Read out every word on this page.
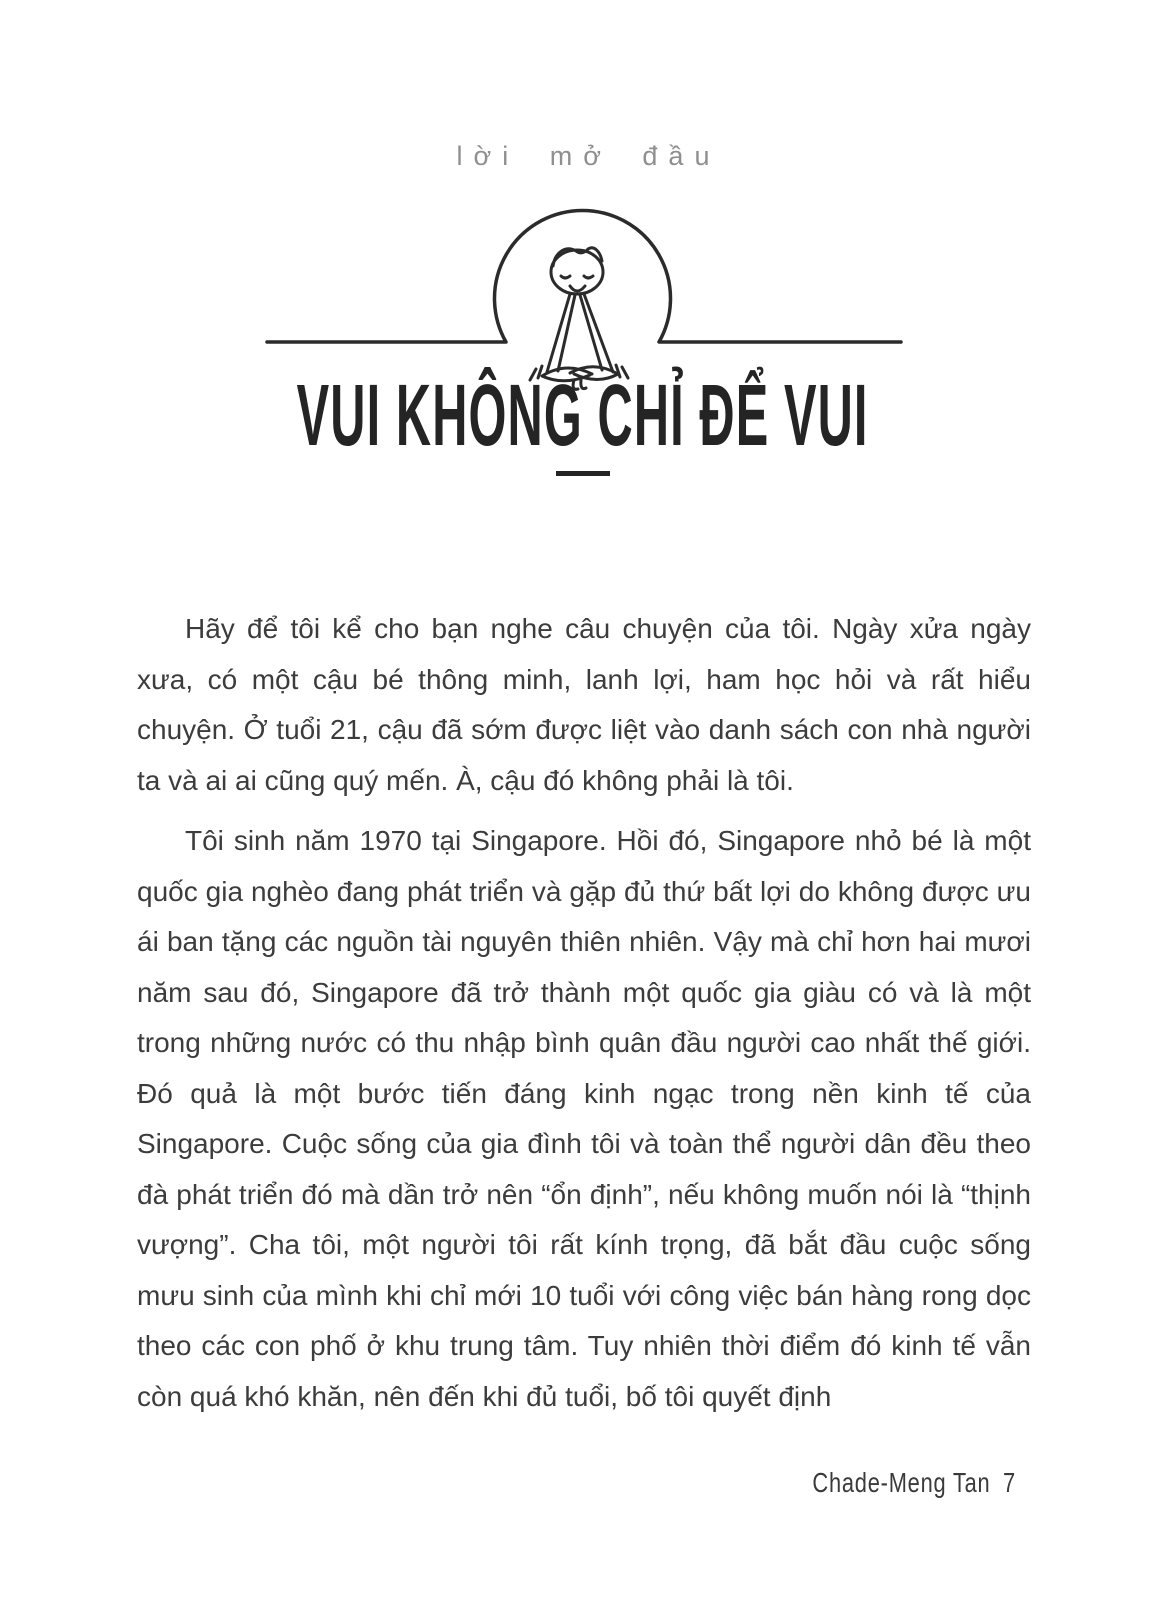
lời mở đầu
VUI KHÔNG CHỈ ĐỂ VUI

Hãy để tôi kể cho bạn nghe câu chuyện của tôi. Ngày xửa ngày xưa, có một cậu bé thông minh, lanh lợi, ham học hỏi và rất hiểu chuyện. Ở tuổi 21, cậu đã sớm được liệt vào danh sách con nhà người ta và ai ai cũng quý mến. À, cậu đó không phải là tôi.

Tôi sinh năm 1970 tại Singapore. Hồi đó, Singapore nhỏ bé là một quốc gia nghèo đang phát triển và gặp đủ thứ bất lợi do không được ưu ái ban tặng các nguồn tài nguyên thiên nhiên. Vậy mà chỉ hơn hai mươi năm sau đó, Singapore đã trở thành một quốc gia giàu có và là một trong những nước có thu nhập bình quân đầu người cao nhất thế giới. Đó quả là một bước tiến đáng kinh ngạc trong nền kinh tế của Singapore. Cuộc sống của gia đình tôi và toàn thể người dân đều theo đà phát triển đó mà dần trở nên “ổn định”, nếu không muốn nói là “thịnh vượng”. Cha tôi, một người tôi rất kính trọng, đã bắt đầu cuộc sống mưu sinh của mình khi chỉ mới 10 tuổi với công việc bán hàng rong dọc theo các con phố ở khu trung tâm. Tuy nhiên thời điểm đó kinh tế vẫn còn quá khó khăn, nên đến khi đủ tuổi, bố tôi quyết định

Chade-Meng Tan 7
